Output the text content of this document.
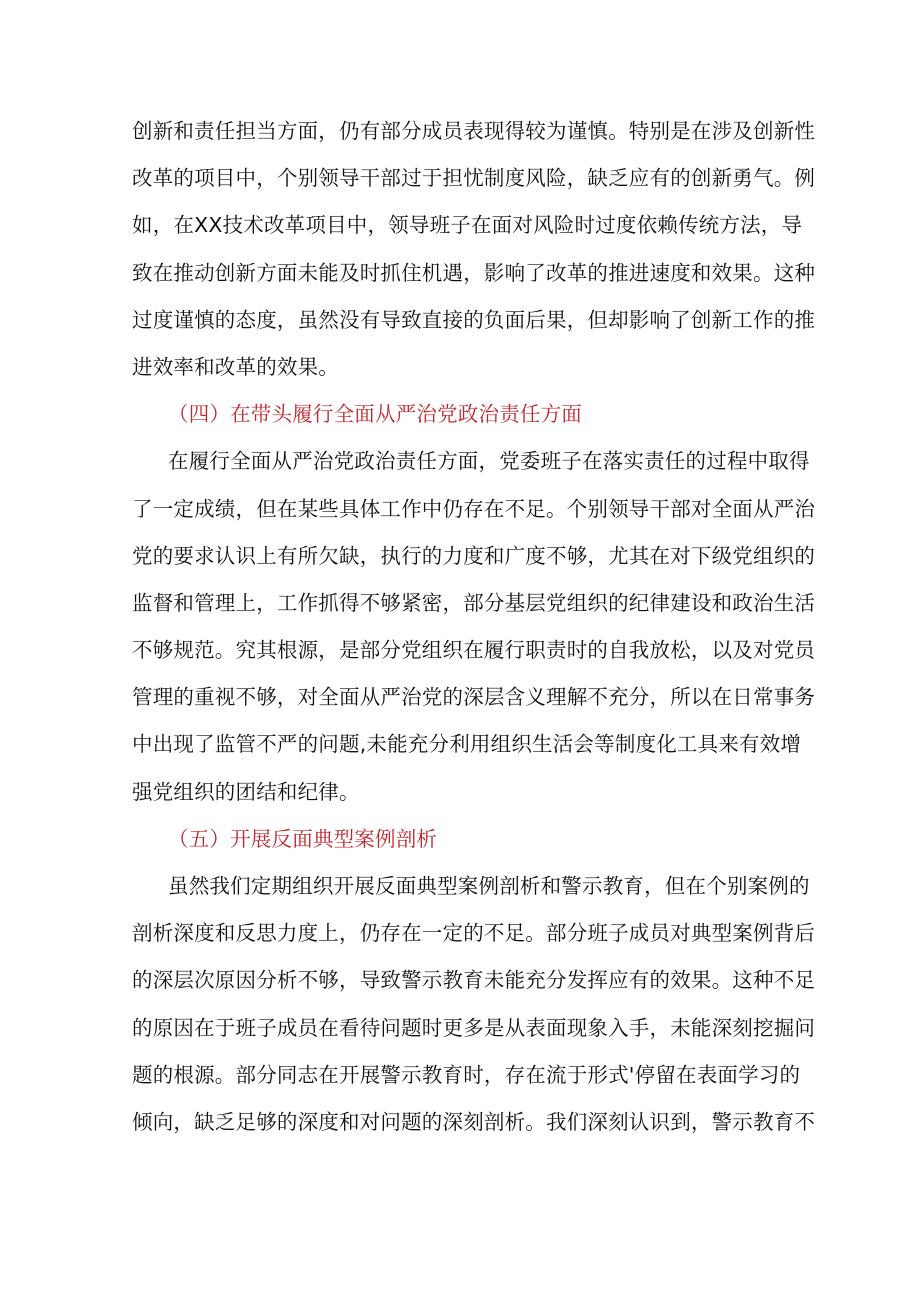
创新和责任担当方面，仍有部分成员表现得较为谨慎。特别是在涉及创新性
改革的项目中，个别领导干部过于担忧制度风险，缺乏应有的创新勇气。例
如，在XX技术改革项目中，领导班子在面对风险时过度依赖传统方法，导
致在推动创新方面未能及时抓住机遇，影响了改革的推进速度和效果。这种
过度谨慎的态度，虽然没有导致直接的负面后果，但却影响了创新工作的推
进效率和改革的效果。
（四）在带头履行全面从严治党政治责任方面
在履行全面从严治党政治责任方面，党委班子在落实责任的过程中取得
了一定成绩，但在某些具体工作中仍存在不足。个别领导干部对全面从严治
党的要求认识上有所欠缺，执行的力度和广度不够，尤其在对下级党组织的
监督和管理上，工作抓得不够紧密，部分基层党组织的纪律建设和政治生活
不够规范。究其根源，是部分党组织在履行职责时的自我放松，以及对党员
管理的重视不够，对全面从严治党的深层含义理解不充分，所以在日常事务
中出现了监管不严的问题,未能充分利用组织生活会等制度化工具来有效增
强党组织的团结和纪律。
（五）开展反面典型案例剖析
虽然我们定期组织开展反面典型案例剖析和警示教育，但在个别案例的
剖析深度和反思力度上，仍存在一定的不足。部分班子成员对典型案例背后
的深层次原因分析不够，导致警示教育未能充分发挥应有的效果。这种不足
的原因在于班子成员在看待问题时更多是从表面现象入手，未能深刻挖掘问
题的根源。部分同志在开展警示教育时，存在流于形式'停留在表面学习的
倾向，缺乏足够的深度和对问题的深刻剖析。我们深刻认识到，警示教育不
